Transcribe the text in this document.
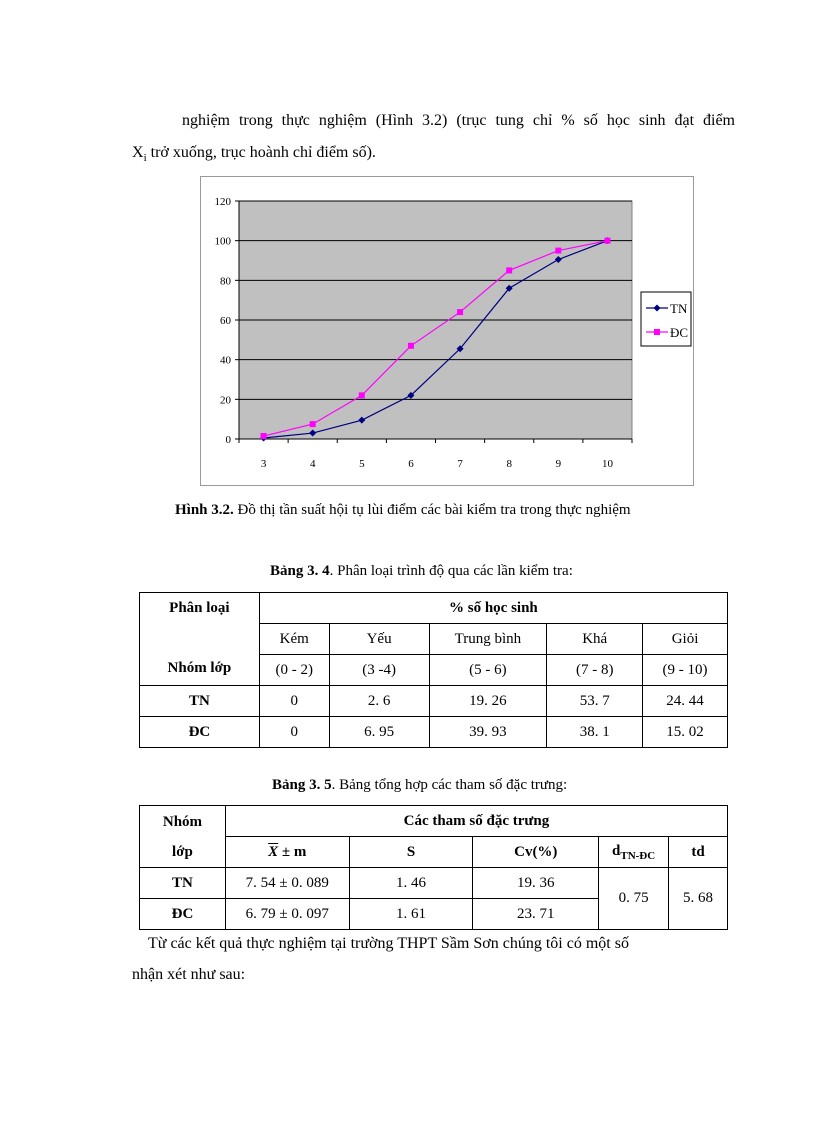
nghiệm trong thực nghiệm (Hình 3.2) (trục tung chỉ % số học sinh đạt điểm
$X_i$ trở xuống, trục hoành chỉ điểm số).
0
20
40
60
80
100
120
3	4	5	6	7	8	9	10
TN
ĐC
Hình 3.2. Đồ thị tần suất hội tụ lùi điểm các bài kiểm tra trong thực nghiệm
Bảng 3. 4. Phân loại trình độ qua các lần kiểm tra:
Phân loại
Nhóm lớp	% số học sinh				
	Kém	Yếu	Trung bình	Khá	Giỏi
	(0 - 2)	(3 -4)	(5 - 6)	(7 - 8)	(9 - 10)
TN	0	2. 6	19. 26	53. 7	24. 44
ĐC	0	6. 95	39. 93	38. 1	15. 02
Bảng 3. 5. Bảng tổng hợp các tham số đặc trưng:
Nhóm
lớp	Các tham số đặc trưng				
	$\overline{X} \pm m$	S	Cv(%)	$d_{TN-ĐC}$	td
TN	7. 54 ± 0. 089	1. 46	19. 36	0. 75	5. 68
ĐC	6. 79 ± 0. 097	1. 61	23. 71		
Từ các kết quả thực nghiệm tại trường THPT Sầm Sơn chúng tôi có một số
nhận xét như sau:
